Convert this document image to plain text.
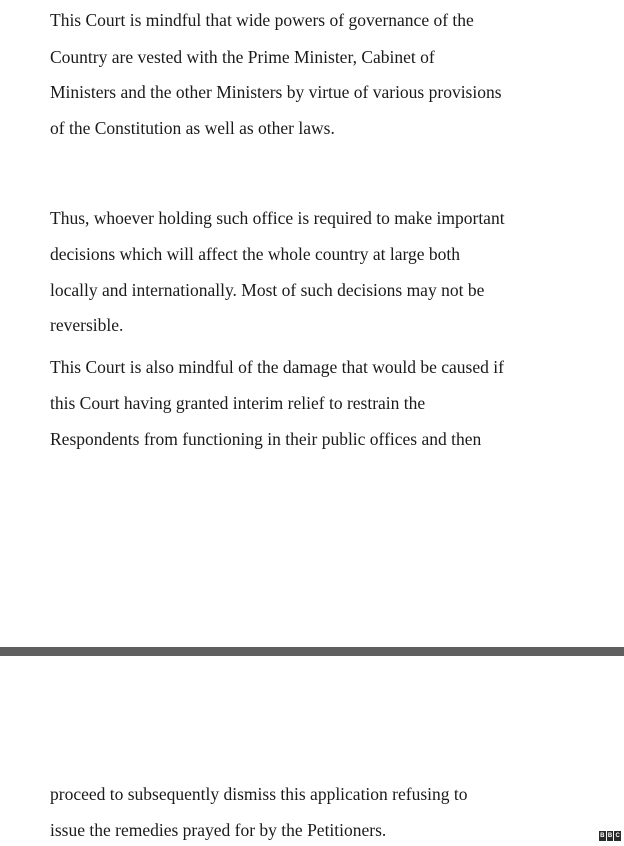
This Court is mindful that wide powers of governance of the
Country are vested with the Prime Minister, Cabinet of
Ministers and the other Ministers by virtue of various provisions
of the Constitution as well as other laws.
Thus, whoever holding such office is required to make important
decisions which will affect the whole country at large both
locally and internationally. Most of such decisions may not be
reversible.
This Court is also mindful of the damage that would be caused if
this Court having granted interim relief to restrain the
Respondents from functioning in their public offices and then
proceed to subsequently dismiss this application refusing to
issue the remedies prayed for by the Petitioners.	B B C
